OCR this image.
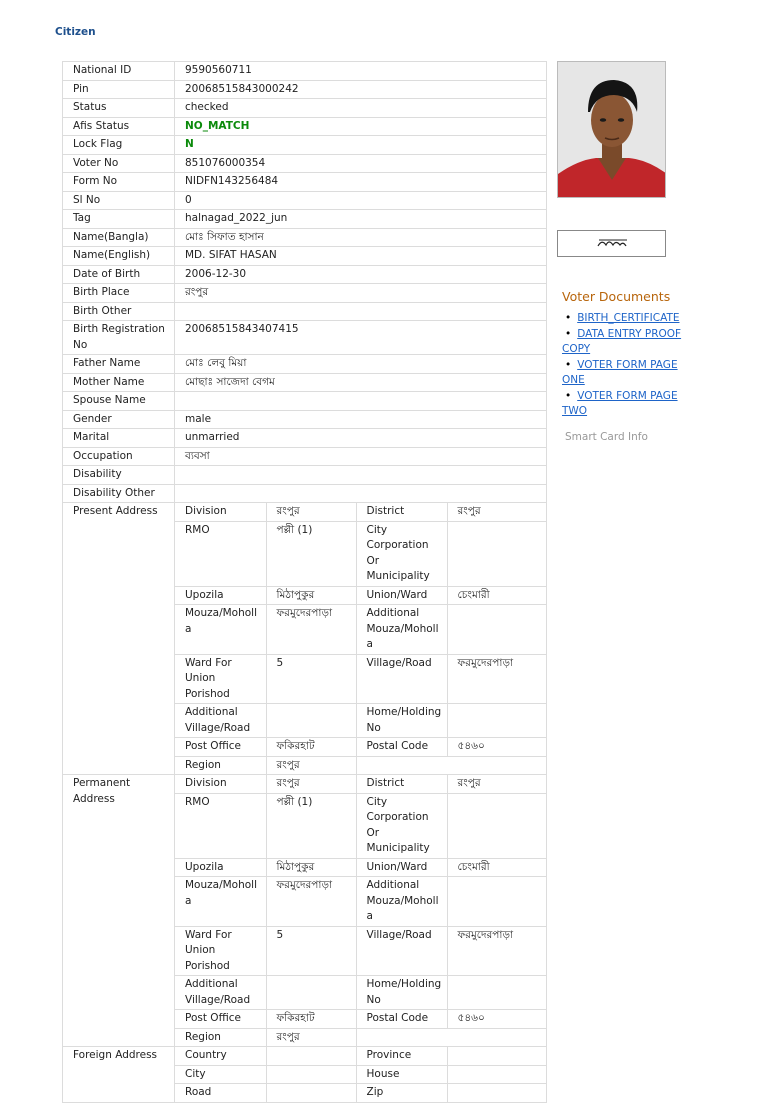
Citizen
National ID	9590560711
Pin	20068515843000242
Status	checked
Afis Status	NO_MATCH
Lock Flag	N
Voter No	851076000354
Form No	NIDFN143256484
Sl No	0
Tag	halnagad_2022_jun
Name(Bangla)	মোঃ সিফাত হাসান
Name(English)	MD. SIFAT HASAN
Date of Birth	2006-12-30
Birth Place	রংপুর
Birth Other	
Birth Registration No	20068515843407415
Father Name	মোঃ লেবু মিয়া
Mother Name	মোছাঃ সাজেদা বেগম
Spouse Name	
Gender	male
Marital	unmarried
Occupation	ব্যবসা
Disability	
Disability Other	
Present Address		Division	রংপুর	District	রংপুর
RMO	পল্লী (1)	City Corporation Or Municipality	
Upozila	মিঠাপুকুর	Union/Ward	চেংমারী
Mouza/Moholla	ফরমুদেরপাড়া	Additional Mouza/Moholla	
Ward For Union Porishod	5	Village/Road	ফরমুদেরপাড়া
Additional Village/Road		Home/Holding No	
Post Office	ফকিরহাট	Postal Code	৫৪৬০
Region	রংপুর		

Permanent Address	
Division	রংপুর	District	রংপুর
RMO	পল্লী (1)	City Corporation Or Municipality	
Upozila	মিঠাপুকুর	Union/Ward	চেংমারী
Mouza/Moholla	ফরমুদেরপাড়া	Additional Mouza/Moholla	
Ward For Union Porishod	5	Village/Road	ফরমুদেরপাড়া
Additional Village/Road		Home/Holding No	
Post Office	ফকিরহাট	Postal Code	৫৪৬০
Region	রংপুর		

Foreign Address		Country		Province	
City		House	
Road		Zip	
Voter Documents
• BIRTH_CERTIFICATE
• DATA ENTRY PROOF COPY
• VOTER FORM PAGE ONE
• VOTER FORM PAGE TWO
Smart Card Info
